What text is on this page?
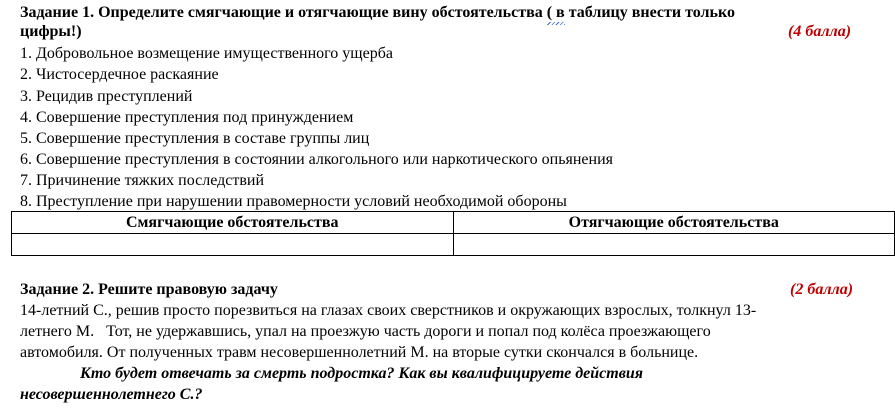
Задание 1. Определите смягчающие и отягчающие вину обстоятельства ( в таблицу внести только
цифры!)	(4 балла)
1. Добровольное возмещение имущественного ущерба
2. Чистосердечное раскаяние
3. Рецидив преступлений
4. Совершение преступления под принуждением
5. Совершение преступления в составе группы лиц
6. Совершение преступления в состоянии алкогольного или наркотического опьянения
7. Причинение тяжких последствий
8. Преступление при нарушении правомерности условий необходимой обороны
Смягчающие обстоятельства	Отягчающие обстоятельства

Задание 2. Решите правовую задачу	(2 балла)
14-летний С., решив просто порезвиться на глазах своих сверстников и окружающих взрослых, толкнул 13-
летнего М.   Тот, не удержавшись, упал на проезжую часть дороги и попал под колёса проезжающего
автомобиля. От полученных травм несовершеннолетний М. на вторые сутки скончался в больнице.
Кто будет отвечать за смерть подростка? Как вы квалифицируете действия
несовершеннолетнего С.?
